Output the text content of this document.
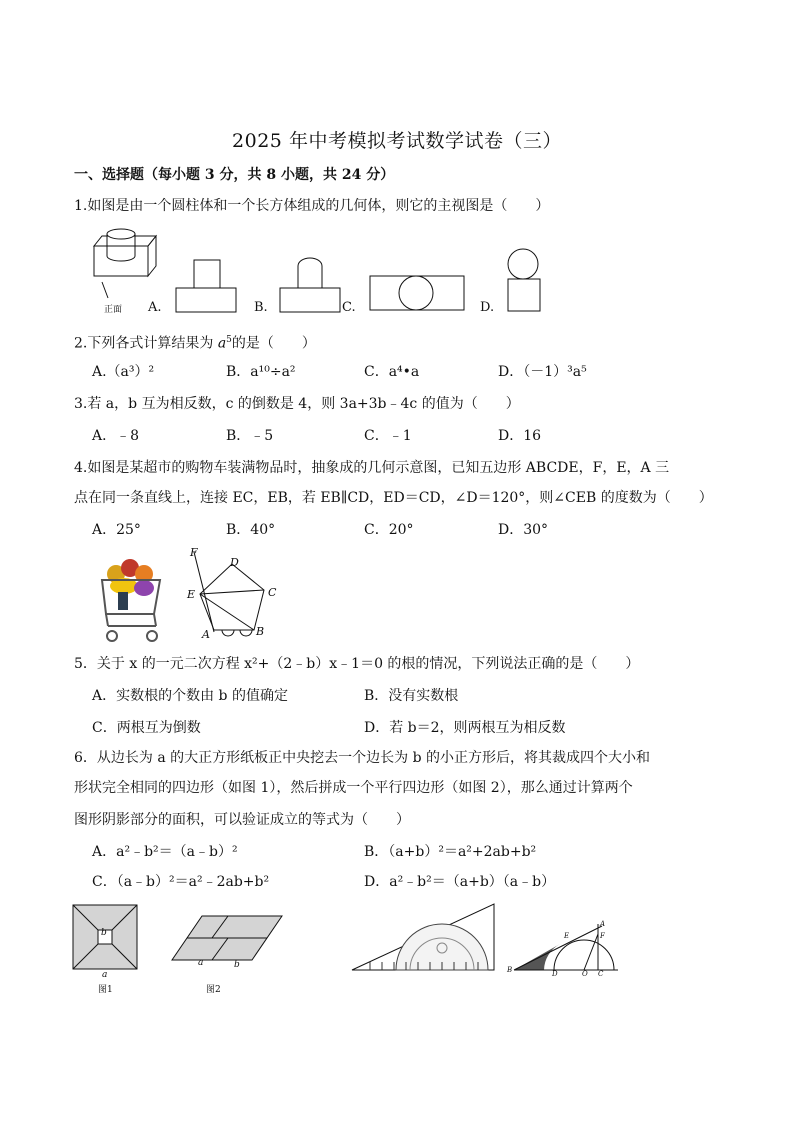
2025 年中考模拟考试数学试卷（三）
一、选择题（每小题 3 分，共 8 小题，共 24 分）
1.如图是由一个圆柱体和一个长方体组成的几何体，则它的主视图是（　　）
正面 A.	B.	C.	D.
2.下列各式计算结果为 $a^5$的是（　　）
A.（a³）²	B．a¹⁰÷a²	C．a⁴•a	D．（－1）³a⁵
3.若 a，b 互为相反数，c 的倒数是 4，则 3a+3b﹣4c 的值为（　　）
A．﹣8	B．﹣5	C．﹣1	D．16
4.如图是某超市的购物车装满物品时，抽象成的几何示意图，已知五边形 ABCDE，F，E，A 三
点在同一条直线上，连接 EC，EB，若 EB∥CD，ED＝CD，∠D＝120°，则∠CEB 的度数为（　　）
A．25°	B．40°	C．20°	D．30°
F
D
E	C
A	B
5．关于 x 的一元二次方程 x²+（2﹣b）x﹣1＝0 的根的情况，下列说法正确的是（　　）
A．实数根的个数由 b 的值确定	B．没有实数根
C．两根互为倒数	D．若 b＝2，则两根互为相反数
6．从边长为 a 的大正方形纸板正中央挖去一个边长为 b 的小正方形后，将其裁成四个大小和
形状完全相同的四边形（如图 1），然后拼成一个平行四边形（如图 2），那么通过计算两个
图形阴影部分的面积，可以验证成立的等式为（　　）
A．a²﹣b²＝（a﹣b）²	B．（a+b）²＝a²+2ab+b²
C．（a﹣b）²＝a²﹣2ab+b²	D．a²﹣b²＝（a+b）（a﹣b）
b
a
图1
a	b
图2
A
E	F
B	D	O C
